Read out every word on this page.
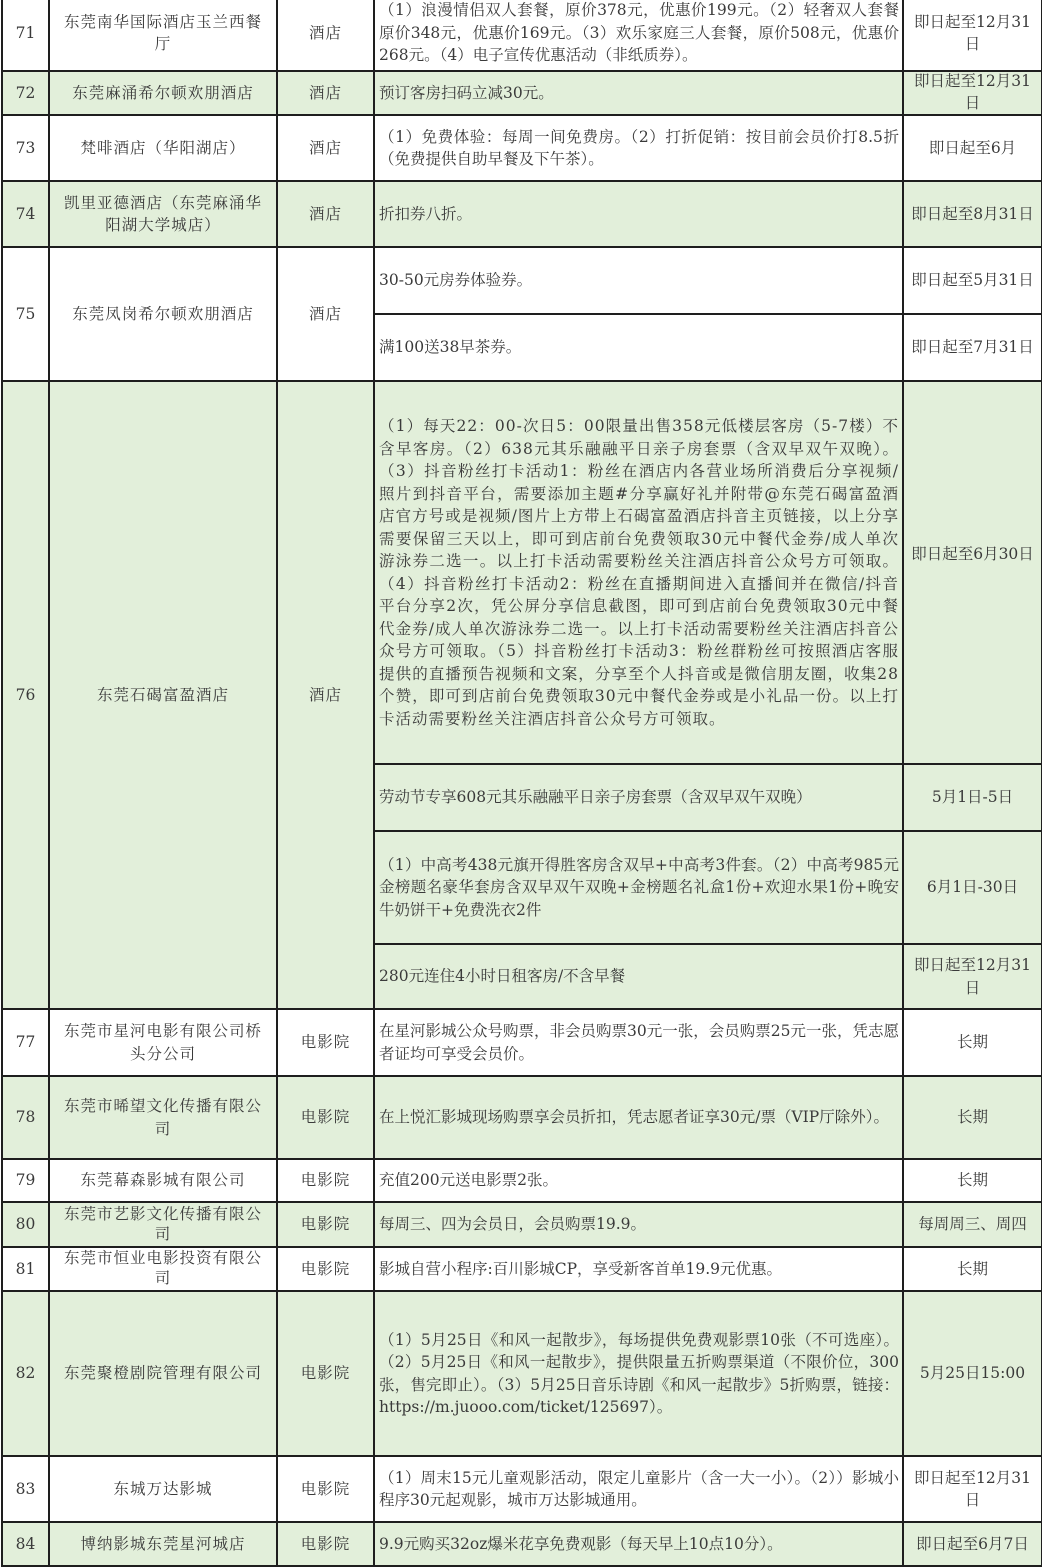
71	东莞南华国际酒店玉兰西餐厅	酒店	（1）浪漫情侣双人套餐，原价378元，优惠价199元。（2）轻奢双人套餐原价348元，优惠价169元。（3）欢乐家庭三人套餐，原价508元，优惠价268元。（4）电子宣传优惠活动（非纸质券）。	即日起至12月31日
72	东莞麻涌希尔顿欢朋酒店	酒店	预订客房扫码立减30元。	即日起至12月31日

73	梵啡酒店（华阳湖店）	酒店	（1）免费体验：每周一间免费房。（2）打折促销：按目前会员价打8.5折（免费提供自助早餐及下午茶）。	即日起至6月
74	凯里亚德酒店（东莞麻涌华阳湖大学城店）	酒店	折扣券八折。	即日起至8月31日
75	东莞凤岗希尔顿欢朋酒店	酒店	30-50元房券体验券。	即日起至5月31日
			满100送38早茶券。	即日起至7月31日
76	东莞石碣富盈酒店	酒店	（1）每天22：00-次日5：00限量出售358元低楼层客房（5-7楼）不含早客房。（2）638元其乐融融平日亲子房套票（含双早双午双晚）。（3）抖音粉丝打卡活动1：粉丝在酒店内各营业场所消费后分享视频/照片到抖音平台，需要添加主题#分享赢好礼并附带@东莞石碣富盈酒店官方号或是视频/图片上方带上石碣富盈酒店抖音主页链接，以上分享需要保留三天以上，即可到店前台免费领取30元中餐代金券/成人单次游泳券二选一。以上打卡活动需要粉丝关注酒店抖音公众号方可领取。（4）抖音粉丝打卡活动2：粉丝在直播期间进入直播间并在微信/抖音平台分享2次，凭公屏分享信息截图，即可到店前台免费领取30元中餐代金券/成人单次游泳券二选一。以上打卡活动需要粉丝关注酒店抖音公众号方可领取。（5）抖音粉丝打卡活动3：粉丝群粉丝可按照酒店客服提供的直播预告视频和文案，分享至个人抖音或是微信朋友圈，收集28个赞，即可到店前台免费领取30元中餐代金券或是小礼品一份。以上打卡活动需要粉丝关注酒店抖音公众号方可领取。	即日起至6月30日

			劳动节专享608元其乐融融平日亲子房套票（含双早双午双晚）	5月1日-5日
			（1）中高考438元旗开得胜客房含双早+中高考3件套。（2）中高考985元金榜题名豪华套房含双早双午双晚+金榜题名礼盒1份+欢迎水果1份+晚安牛奶饼干+免费洗衣2件	6月1日-30日
			280元连住4小时日租客房/不含早餐	即日起至12月31日
77	东莞市星河电影有限公司桥头分公司	电影院	在星河影城公众号购票，非会员购票30元一张，会员购票25元一张，凭志愿者证均可享受会员价。	长期
78	东莞市晞望文化传播有限公司	电影院	在上悦汇影城现场购票享会员折扣，凭志愿者证享30元/票（VIP厅除外）。	长期
79	东莞幕森影城有限公司	电影院	充值200元送电影票2张。	长期
80	东莞市艺影文化传播有限公司	电影院	每周三、四为会员日，会员购票19.9。	每周周三、周四
81	东莞市恒业电影投资有限公司	电影院	影城自营小程序:百川影城CP，享受新客首单19.9元优惠。	长期
82	东莞聚橙剧院管理有限公司	电影院	（1）5月25日《和风一起散步》，每场提供免费观影票10张（不可选座）。（2）5月25日《和风一起散步》，提供限量五折购票渠道（不限价位，300张，售完即止）。（3）5月25日音乐诗剧《和风一起散步》5折购票，链接：https://m.juooo.com/ticket/125697）。	5月25日15:00
83	东城万达影城	电影院	（1）周末15元儿童观影活动，限定儿童影片（含一大一小）。（2））影城小程序30元起观影，城市万达影城通用。	即日起至12月31日
84	博纳影城东莞星河城店	电影院	9.9元购买32oz爆米花享免费观影（每天早上10点10分）。	即日起至6月7日
